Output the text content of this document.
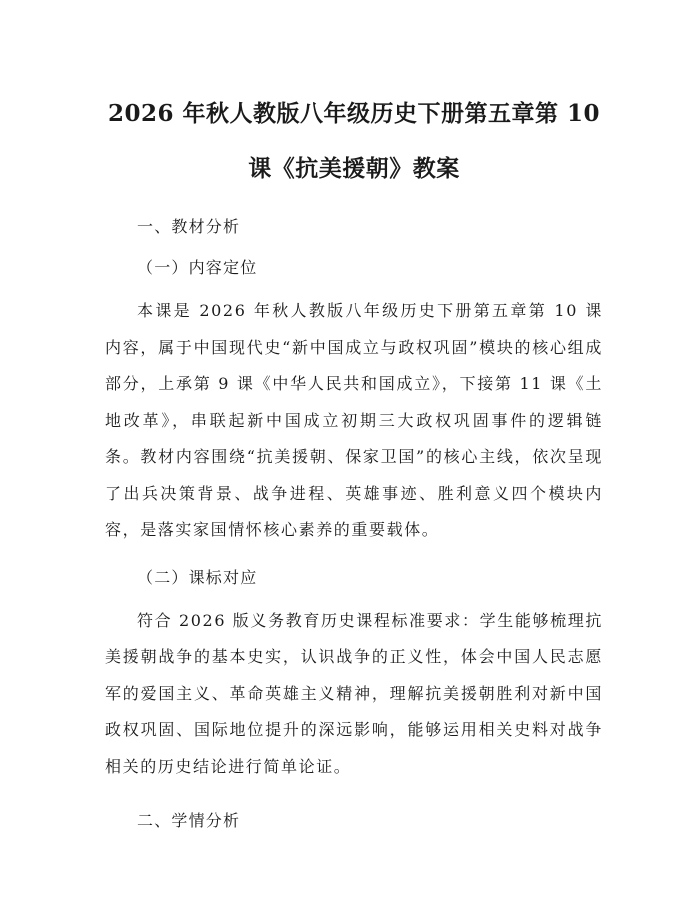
2026 年秋人教版八年级历史下册第五章第 10 课《抗美援朝》教案

一、教材分析

（一）内容定位

本课是 2026 年秋人教版八年级历史下册第五章第 10 课内容，属于中国现代史“新中国成立与政权巩固”模块的核心组成部分，上承第 9 课《中华人民共和国成立》，下接第 11 课《土地改革》，串联起新中国成立初期三大政权巩固事件的逻辑链条。教材内容围绕“抗美援朝、保家卫国”的核心主线，依次呈现了出兵决策背景、战争进程、英雄事迹、胜利意义四个模块内容，是落实家国情怀核心素养的重要载体。

（二）课标对应

符合 2026 版义务教育历史课程标准要求：学生能够梳理抗美援朝战争的基本史实，认识战争的正义性，体会中国人民志愿军的爱国主义、革命英雄主义精神，理解抗美援朝胜利对新中国政权巩固、国际地位提升的深远影响，能够运用相关史料对战争相关的历史结论进行简单论证。

二、学情分析
